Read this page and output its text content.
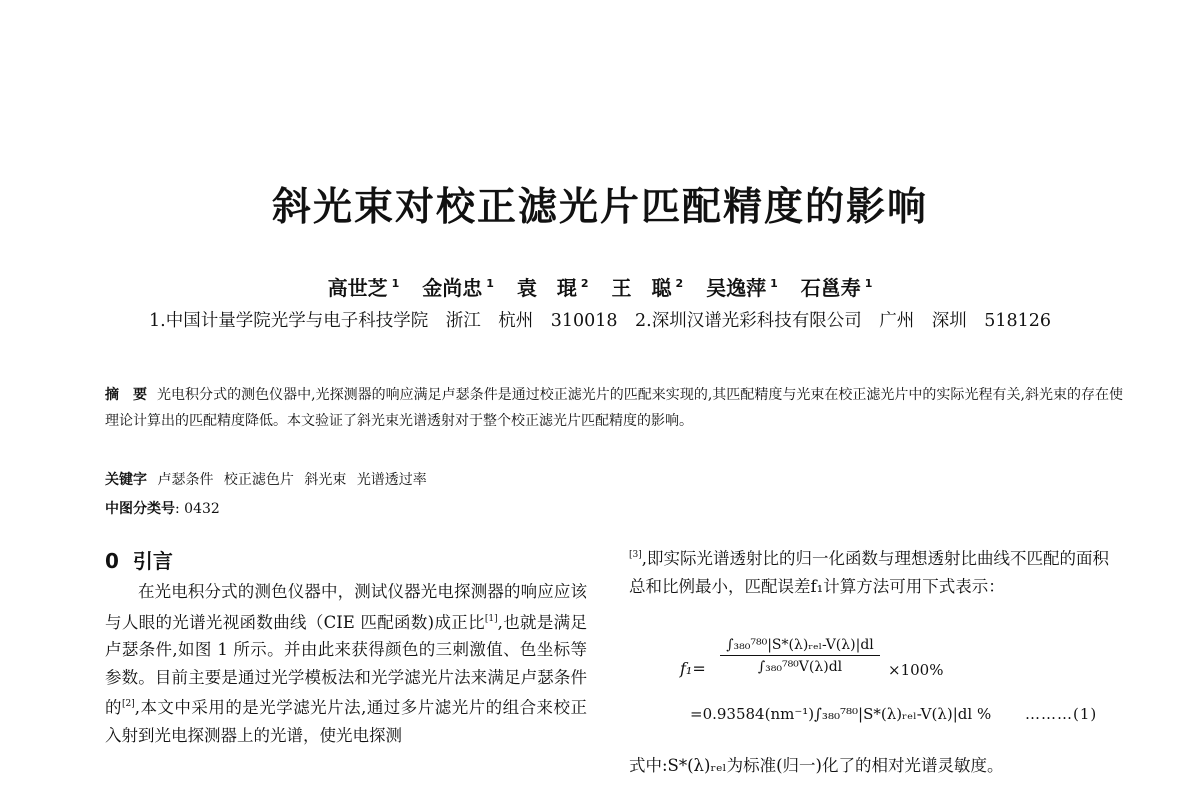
斜光束对校正滤光片匹配精度的影响
高世芝 $^1$ 金尚忠 $^1$ 袁　琨 $^2$ 王　聪 $^2$ 吴逸萍 $^1$ 石邕寿 $^1$
1.中国计量学院光学与电子科技学院　浙江　杭州　310018　2.深圳汉谱光彩科技有限公司　广州　深圳　518126
摘　要 光电积分式的测色仪器中,光探测器的响应满足卢瑟条件是通过校正滤光片的匹配来实现的,其匹配精度与光束在校正滤光片中的实际光程有关,斜光束的存在使理论计算出的匹配精度降低。本文验证了斜光束光谱透射对于整个校正滤光片匹配精度的影响。
关键字 卢瑟条件 校正滤色片 斜光束 光谱透过率
中图分类号: 0432
0 引言

在光电积分式的测色仪器中，测试仪器光电探测器的响应应该与人眼的光谱光视函数曲线（CIE 匹配函数)成正比[1],也就是满足卢瑟条件,如图 1 所示。并由此来获得颜色的三刺激值、色坐标等参数。目前主要是通过光学模板法和光学滤光片法来满足卢瑟条件的[2],本文中采用的是光学滤光片法,通过多片滤光片的组合来校正入射到光电探测器上的光谱，使光电探测

[3],即实际光谱透射比的归一化函数与理想透射比曲线不匹配的面积总和比例最小，匹配误差f₁计算方法可用下式表示：

f₁=
∫₃₈₀⁷⁸⁰|S*(λ)ᵣₑₗ-V(λ)|dl
∫₃₈₀⁷⁸⁰V(λ)dl	×100%
=0.93584(nm⁻¹)∫₃₈₀⁷⁸⁰|S*(λ)ᵣₑₗ-V(λ)|dl % ………(1)
式中:S*(λ)ᵣₑₗ为标准(归一)化了的相对光谱灵敏度。
